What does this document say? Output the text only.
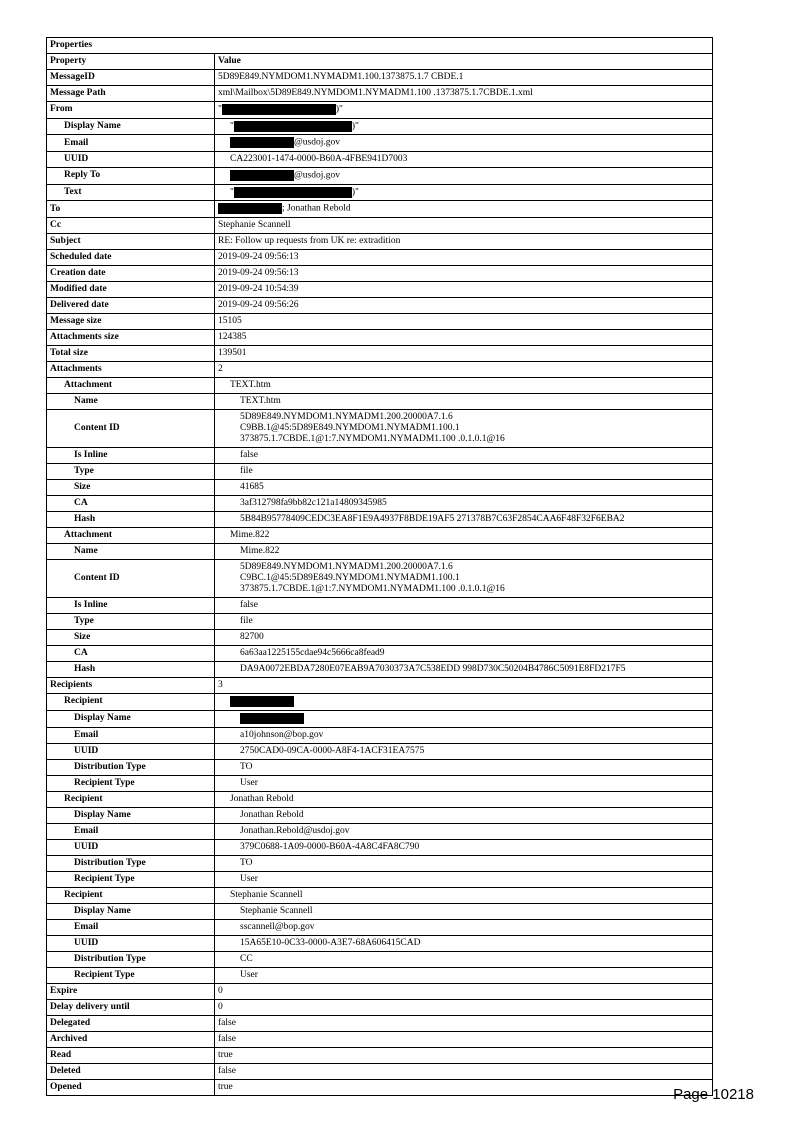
Properties	
Property	Value
MessageID	5D89E849.NYMDOM1.NYMADM1.100.1373875.1.7 CBDE.1
Message Path	xml\Mailbox\5D89E849.NYMDOM1.NYMADM1.100 .1373875.1.7CBDE.1.xml
From	" )"
Display Name	" )"
Email	@usdoj.gov
UUID	CA223001-1474-0000-B60A-4FBE941D7003
Reply To	@usdoj.gov
Text	" )"
To	; Jonathan Rebold
Cc	Stephanie Scannell
Subject	RE: Follow up requests from UK re: extradition
Scheduled date	2019-09-24 09:56:13
Creation date	2019-09-24 09:56:13
Modified date	2019-09-24 10:54:39
Delivered date	2019-09-24 09:56:26
Message size	15105
Attachments size	124385
Total size	139501
Attachments	2
Attachment	TEXT.htm
Name	TEXT.htm
Content ID	5D89E849.NYMDOM1.NYMADM1.200.20000A7.1.6
C9BB.1@45:5D89E849.NYMDOM1.NYMADM1.100.1
373875.1.7CBDE.1@1:7.NYMDOM1.NYMADM1.100 .0.1.0.1@16
Is Inline	false
Type	file
Size	41685
CA	3af312798fa9bb82c121a14809345985
Hash	5B84B95778409CEDC3EA8F1E9A4937F8BDE19AF5 271378B7C63F2854CAA6F48F32F6EBA2
Attachment	Mime.822
Name	Mime.822
Content ID	5D89E849.NYMDOM1.NYMADM1.200.20000A7.1.6
C9BC.1@45:5D89E849.NYMDOM1.NYMADM1.100.1
373875.1.7CBDE.1@1:7.NYMDOM1.NYMADM1.100 .0.1.0.1@16
Is Inline	false
Type	file
Size	82700
CA	6a63aa1225155cdae94c5666ca8fead9
Hash	DA9A0072EBDA7280E07EAB9A7030373A7C538EDD 998D730C50204B4786C5091E8FD217F5
Recipients	3
Recipient	
Display Name	
Email	a10johnson@bop.gov
UUID	2750CAD0-09CA-0000-A8F4-1ACF31EA7575
Distribution Type	TO
Recipient Type	User
Recipient	Jonathan Rebold
Display Name	Jonathan Rebold
Email	Jonathan.Rebold@usdoj.gov
UUID	379C0688-1A09-0000-B60A-4A8C4FA8C790
Distribution Type	TO
Recipient Type	User
Recipient	Stephanie Scannell
Display Name	Stephanie Scannell
Email	sscannell@bop.gov
UUID	15A65E10-0C33-0000-A3E7-68A606415CAD
Distribution Type	CC
Recipient Type	User
Expire	0
Delay delivery until	0
Delegated	false
Archived	false
Read	true
Deleted	false
Opened	true	Page 10218
